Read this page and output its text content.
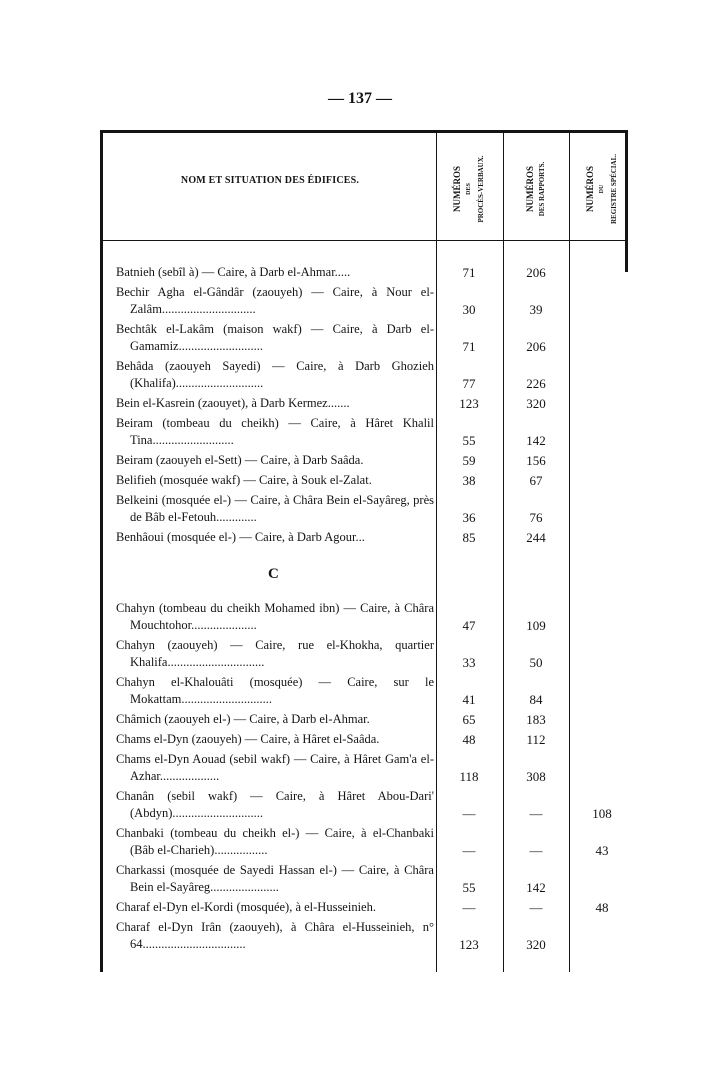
— 137 —
NOM ET SITUATION DES ÉDIFICES.	NUMÉROS DES PROCÈS-VERBAUX.	NUMÉROS DES RAPPORTS.	NUMÉROS DU REGISTRE SPÉCIAL.
Batnieh (sebîl à) — Caire, à Darb el-Ahmar.....	71	206
Bechir Agha el-Gândâr (zaouyeh) — Caire, à Nour el-Zalâm..............................	30	39
Bechtâk el-Lakâm (maison wakf) — Caire, à Darb el-Gamamiz...........................	71	206
Behâda (zaouyeh Sayedi) — Caire, à Darb Ghozieh (Khalifa)............................	77	226
Bein el-Kasrein (zaouyet), à Darb Kermez.......	123	320
Beiram (tombeau du cheikh) — Caire, à Hâret Khalil Tina..........................	55	142
Beiram (zaouyeh el-Sett) — Caire, à Darb Saâda.	59	156
Belifieh (mosquée wakf) — Caire, à Souk el-Zalat.	38	67
Belkeini (mosquée el-) — Caire, à Châra Bein el-Sayâreg, près de Bâb el-Fetouh.............	36	76
Benhâoui (mosquée el-) — Caire, à Darb Agour...	85	244
C
Chahyn (tombeau du cheikh Mohamed ibn) — Caire, à Châra Mouchtohor.....................	47	109
Chahyn (zaouyeh) — Caire, rue el-Khokha, quartier Khalifa...............................	33	50
Chahyn el-Khalouâti (mosquée) — Caire, sur le Mokattam.............................	41	84
Châmich (zaouyeh el-) — Caire, à Darb el-Ahmar.	65	183
Chams el-Dyn (zaouyeh) — Caire, à Hâret el-Saâda.	48	112
Chams el-Dyn Aouad (sebil wakf) — Caire, à Hâret Gam'a el-Azhar...................	118	308
Chanân (sebil wakf) — Caire, à Hâret Abou-Dari' (Abdyn).............................	—	—	108
Chanbaki (tombeau du cheikh el-) — Caire, à el-Chanbaki (Bâb el-Charieh).................	—	—	43
Charkassi (mosquée de Sayedi Hassan el-) — Caire, à Châra Bein el-Sayâreg......................	55	142
Charaf el-Dyn el-Kordi (mosquée), à el-Husseinieh.	—	—	48
Charaf el-Dyn Irân (zaouyeh), à Châra el-Husseinieh, n° 64.................................	123	320
